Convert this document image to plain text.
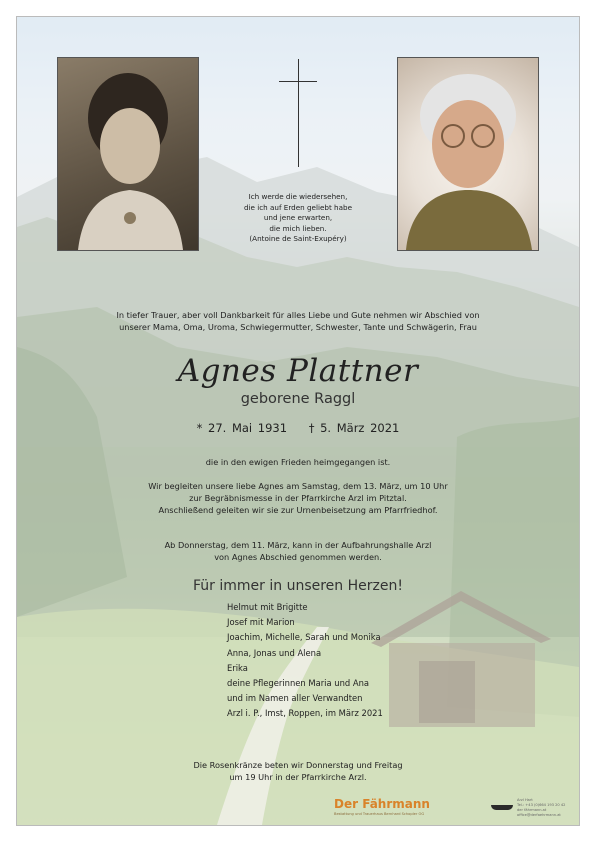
Ich werde die wiedersehen,
die ich auf Erden geliebt habe
und jene erwarten,
die mich lieben.
(Antoine de Saint-Exupéry)
In tiefer Trauer, aber voll Dankbarkeit für alles Liebe und Gute nehmen wir Abschied von
unserer Mama, Oma, Uroma, Schwiegermutter, Schwester, Tante und Schwägerin, Frau
Agnes Plattner
geborene Raggl
* 27. Mai 1931 † 5. März 2021
die in den ewigen Frieden heimgegangen ist.
Wir begleiten unsere liebe Agnes am Samstag, dem 13. März, um 10 Uhr
zur Begräbnismesse in der Pfarrkirche Arzl im Pitztal.
Anschließend geleiten wir sie zur Urnenbeisetzung am Pfarrfriedhof.
Ab Donnerstag, dem 11. März, kann in der Aufbahrungshalle Arzl
von Agnes Abschied genommen werden.
Für immer in unseren Herzen!
Helmut mit Brigitte
Josef mit Marion
Joachim, Michelle, Sarah und Monika
Anna, Jonas und Alena
Erika
deine Pflegerinnen Maria und Ana
und im Namen aller Verwandten
Arzl i. P., Imst, Roppen, im März 2021
Die Rosenkränze beten wir Donnerstag und Freitag
um 19 Uhr in der Pfarrkirche Arzl.
Der Fährmann
Bestattung und Trauerhaus Bernhard Schopler OG
Arzl Hart
Tel.: +43 (0)664 193 20 42
der fährmann.at
office@derfaehrmann.at
